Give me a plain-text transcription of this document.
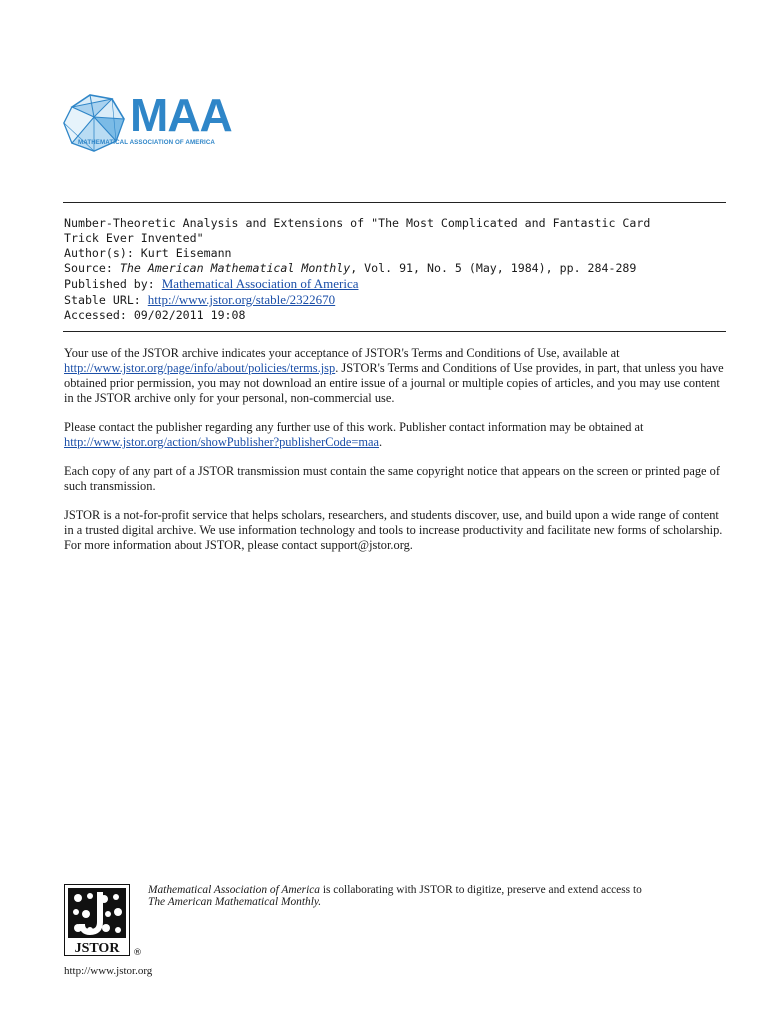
MAA
MATHEMATICAL ASSOCIATION OF AMERICA
Number-Theoretic Analysis and Extensions of "The Most Complicated and Fantastic Card
Trick Ever Invented"
Author(s): Kurt Eisemann
Source: The American Mathematical Monthly, Vol. 91, No. 5 (May, 1984), pp. 284-289
Published by: Mathematical Association of America
Stable URL: http://www.jstor.org/stable/2322670
Accessed: 09/02/2011 19:08

Your use of the JSTOR archive indicates your acceptance of JSTOR's Terms and Conditions of Use, available at
http://www.jstor.org/page/info/about/policies/terms.jsp. JSTOR's Terms and Conditions of Use provides, in part, that unless you have obtained prior permission, you may not download an entire issue of a journal or multiple copies of articles, and you may use content in the JSTOR archive only for your personal, non-commercial use.

Please contact the publisher regarding any further use of this work. Publisher contact information may be obtained at
http://www.jstor.org/action/showPublisher?publisherCode=maa.

Each copy of any part of a JSTOR transmission must contain the same copyright notice that appears on the screen or printed page of such transmission.

JSTOR is a not-for-profit service that helps scholars, researchers, and students discover, use, and build upon a wide range of content in a trusted digital archive. We use information technology and tools to increase productivity and facilitate new forms of scholarship. For more information about JSTOR, please contact support@jstor.org.

JSTOR ®
http://www.jstor.org
Mathematical Association of America is collaborating with JSTOR to digitize, preserve and extend access to
The American Mathematical Monthly.
